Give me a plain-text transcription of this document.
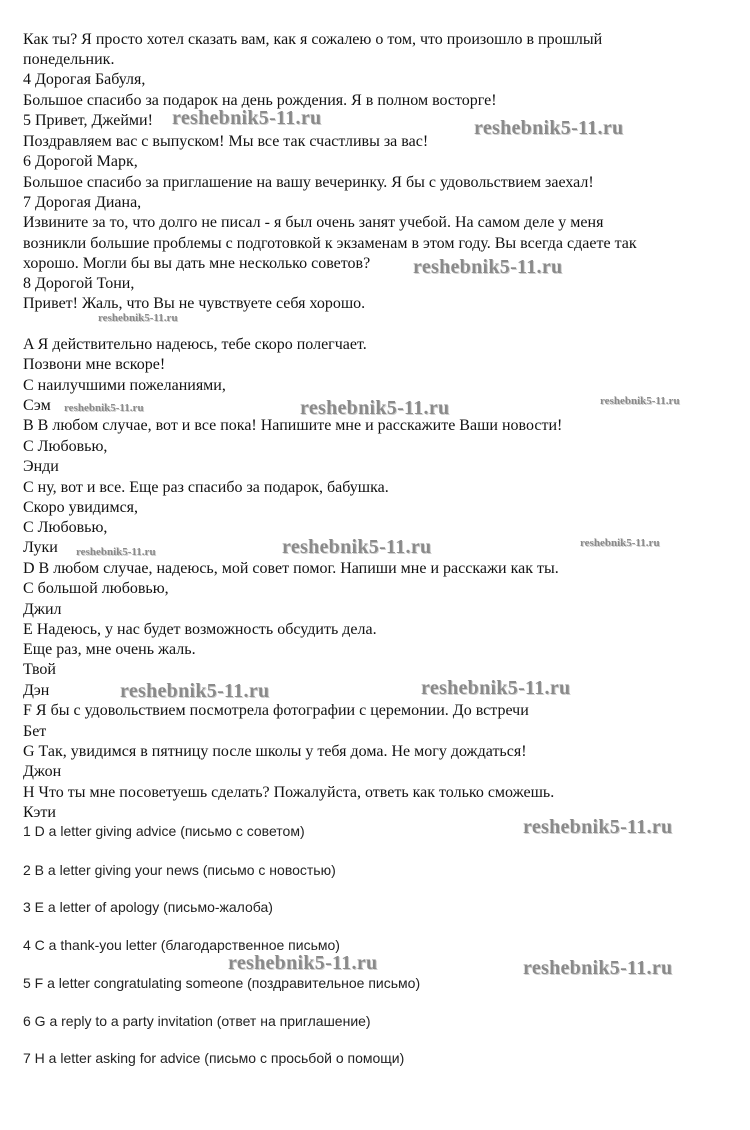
Как ты? Я просто хотел сказать вам, как я сожалею о том, что произошло в прошлый

понедельник.

4 Дорогая Бабуля,

Большое спасибо за подарок на день рождения. Я в полном восторге!

5 Привет, Джейми!

Поздравляем вас с выпуском! Мы все так счастливы за вас!

6 Дорогой Марк,

Большое спасибо за приглашение на вашу вечеринку. Я бы с удовольствием заехал!

7 Дорогая Диана,

Извините за то, что долго не писал - я был очень занят учебой. На самом деле у меня

возникли большие проблемы с подготовкой к экзаменам в этом году. Вы всегда сдаете так

хорошо. Могли бы вы дать мне несколько советов?

8 Дорогой Тони,

Привет! Жаль, что Вы не чувствуете себя хорошо.

A Я действительно надеюсь, тебе скоро полегчает.

Позвони мне вскоре!

С наилучшими пожеланиями,

Сэм

B В любом случае, вот и все пока! Напишите мне и расскажите Ваши новости!

С Любовью,

Энди

C ну, вот и все. Еще раз спасибо за подарок, бабушка.

Скоро увидимся,

С Любовью,

Луки

D В любом случае, надеюсь, мой совет помог. Напиши мне и расскажи как ты.

С большой любовью,

Джил

E Надеюсь, у нас будет возможность обсудить дела.

Еще раз, мне очень жаль.

Твой

Дэн

F Я бы с удовольствием посмотрела фотографии с церемонии. До встречи

Бет

G Так, увидимся в пятницу после школы у тебя дома. Не могу дождаться!

Джон

H Что ты мне посоветуешь сделать? Пожалуйста, ответь как только сможешь.

Кэти

1 D a letter giving advice (письмо с советом)

2 B a letter giving your news (письмо с новостью)

3 E a letter of apology (письмо-жалоба)

4 C a thank-you letter (благодарственное письмо)

5 F a letter congratulating someone (поздравительное письмо)

6 G a reply to a party invitation (ответ на приглашение)

7 H a letter asking for advice (письмо с просьбой о помощи)

reshebnik5-11.ru	reshebnik5-11.ru

reshebnik5-11.ru

reshebnik5-11.ru

reshebnik5-11.ru	reshebnik5-11.ru	reshebnik5-11.ru

reshebnik5-11.ru	reshebnik5-11.ru	reshebnik5-11.ru

reshebnik5-11.ru	reshebnik5-11.ru

reshebnik5-11.ru

reshebnik5-11.ru	reshebnik5-11.ru
